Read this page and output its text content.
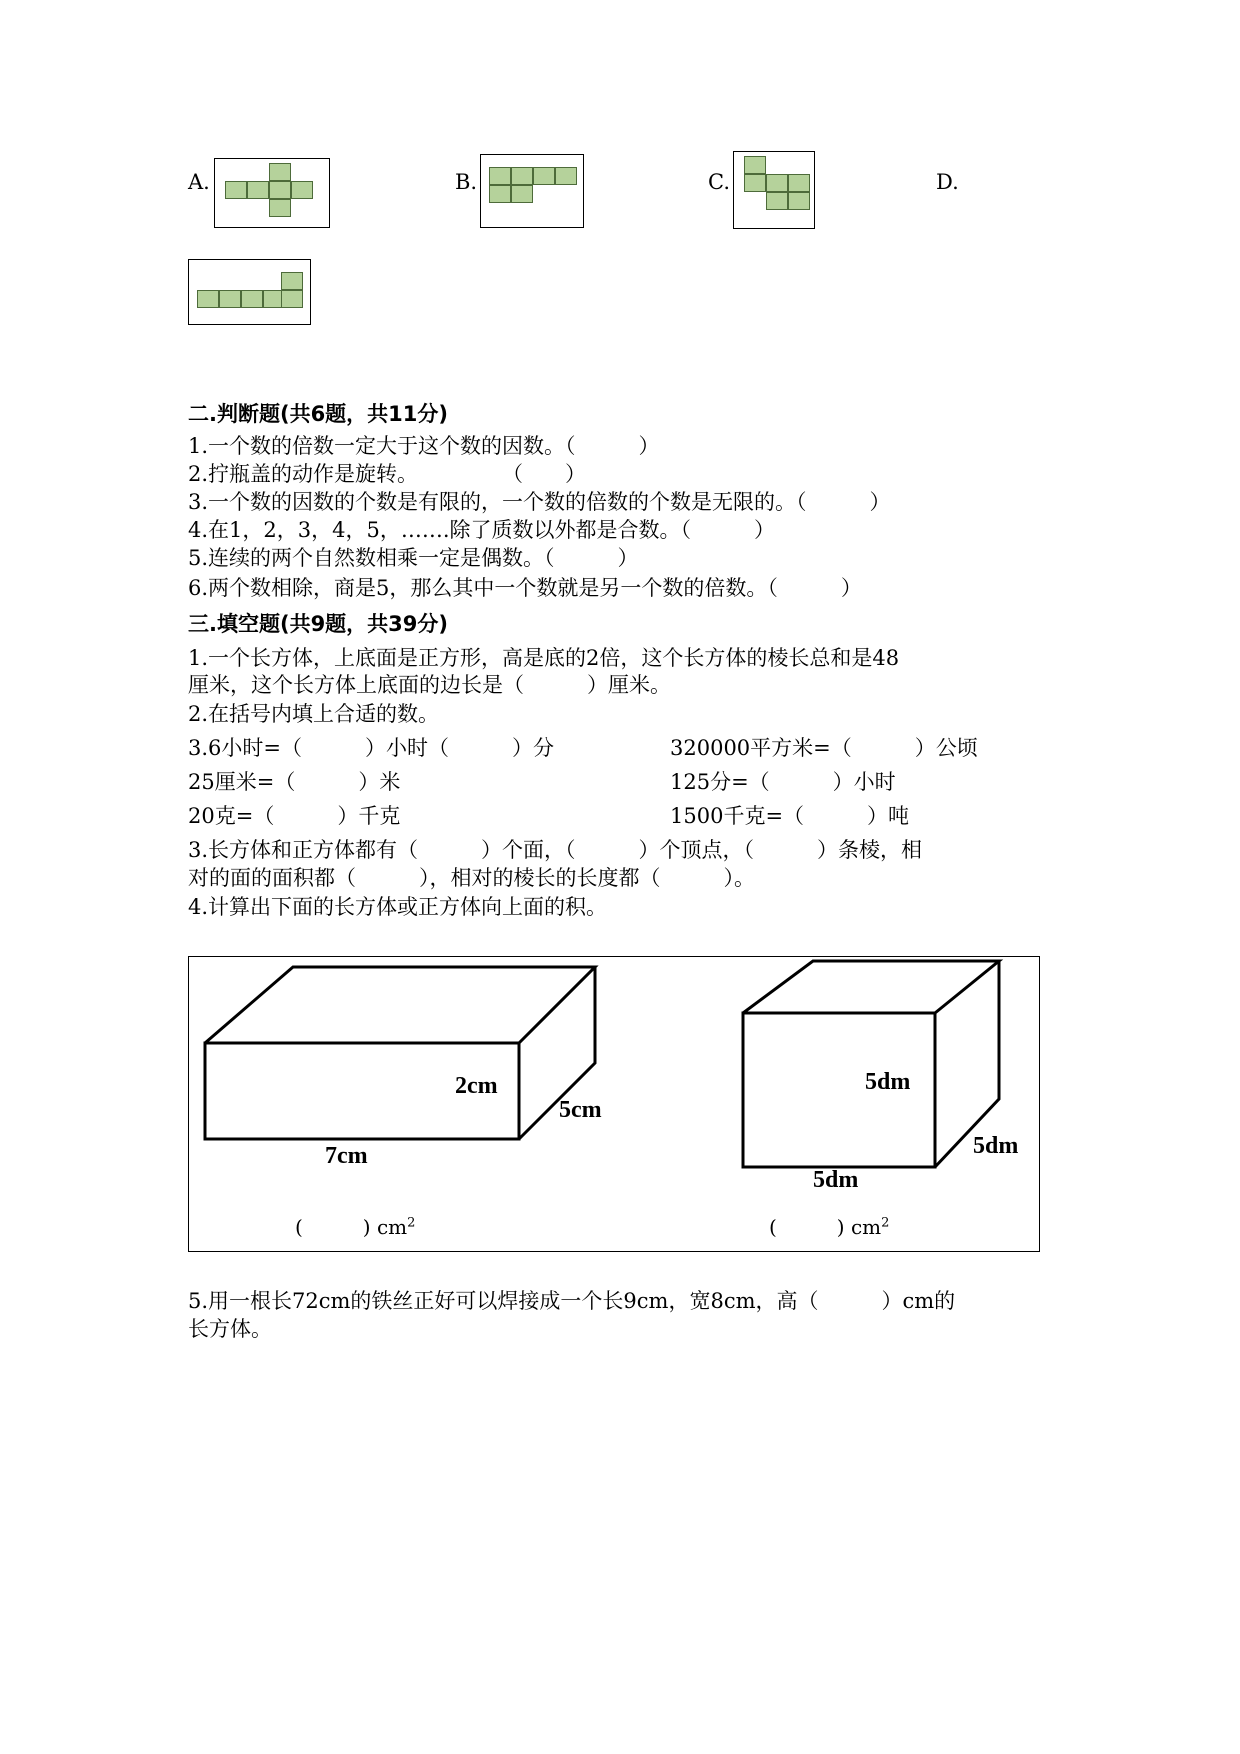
A.	B.	C.	D.
二.判断题(共6题，共11分)
1.一个数的倍数一定大于这个数的因数。（　　　）
2.拧瓶盖的动作是旋转。　　　　　（　　）
3.一个数的因数的个数是有限的，一个数的倍数的个数是无限的。（　　　）
4.在1，2，3，4，5，…….除了质数以外都是合数。（　　　）
5.连续的两个自然数相乘一定是偶数。（　　　）
6.两个数相除，商是5，那么其中一个数就是另一个数的倍数。（　　　）
三.填空题(共9题，共39分)
1.一个长方体，上底面是正方形，高是底的2倍，这个长方体的棱长总和是48
厘米，这个长方体上底面的边长是（　　　）厘米。
2.在括号内填上合适的数。
3.6小时=（　　　）小时（　　　）分	320000平方米=（　　　）公顷
25厘米=（　　　）米	125分=（　　　）小时
20克=（　　　）千克	1500千克=（　　　）吨
3.长方体和正方体都有（　　　）个面，（　　　）个顶点，（　　　）条棱，相
对的面的面积都（　　　），相对的棱长的长度都（　　　）。
4.计算出下面的长方体或正方体向上面的积。
2cm
5cm
7cm
5dm
5dm
5dm
(　　　) $cm^2$	(　　　) $cm^2$
5.用一根长72cm的铁丝正好可以焊接成一个长9cm，宽8cm，高（　　　）cm的
长方体。
